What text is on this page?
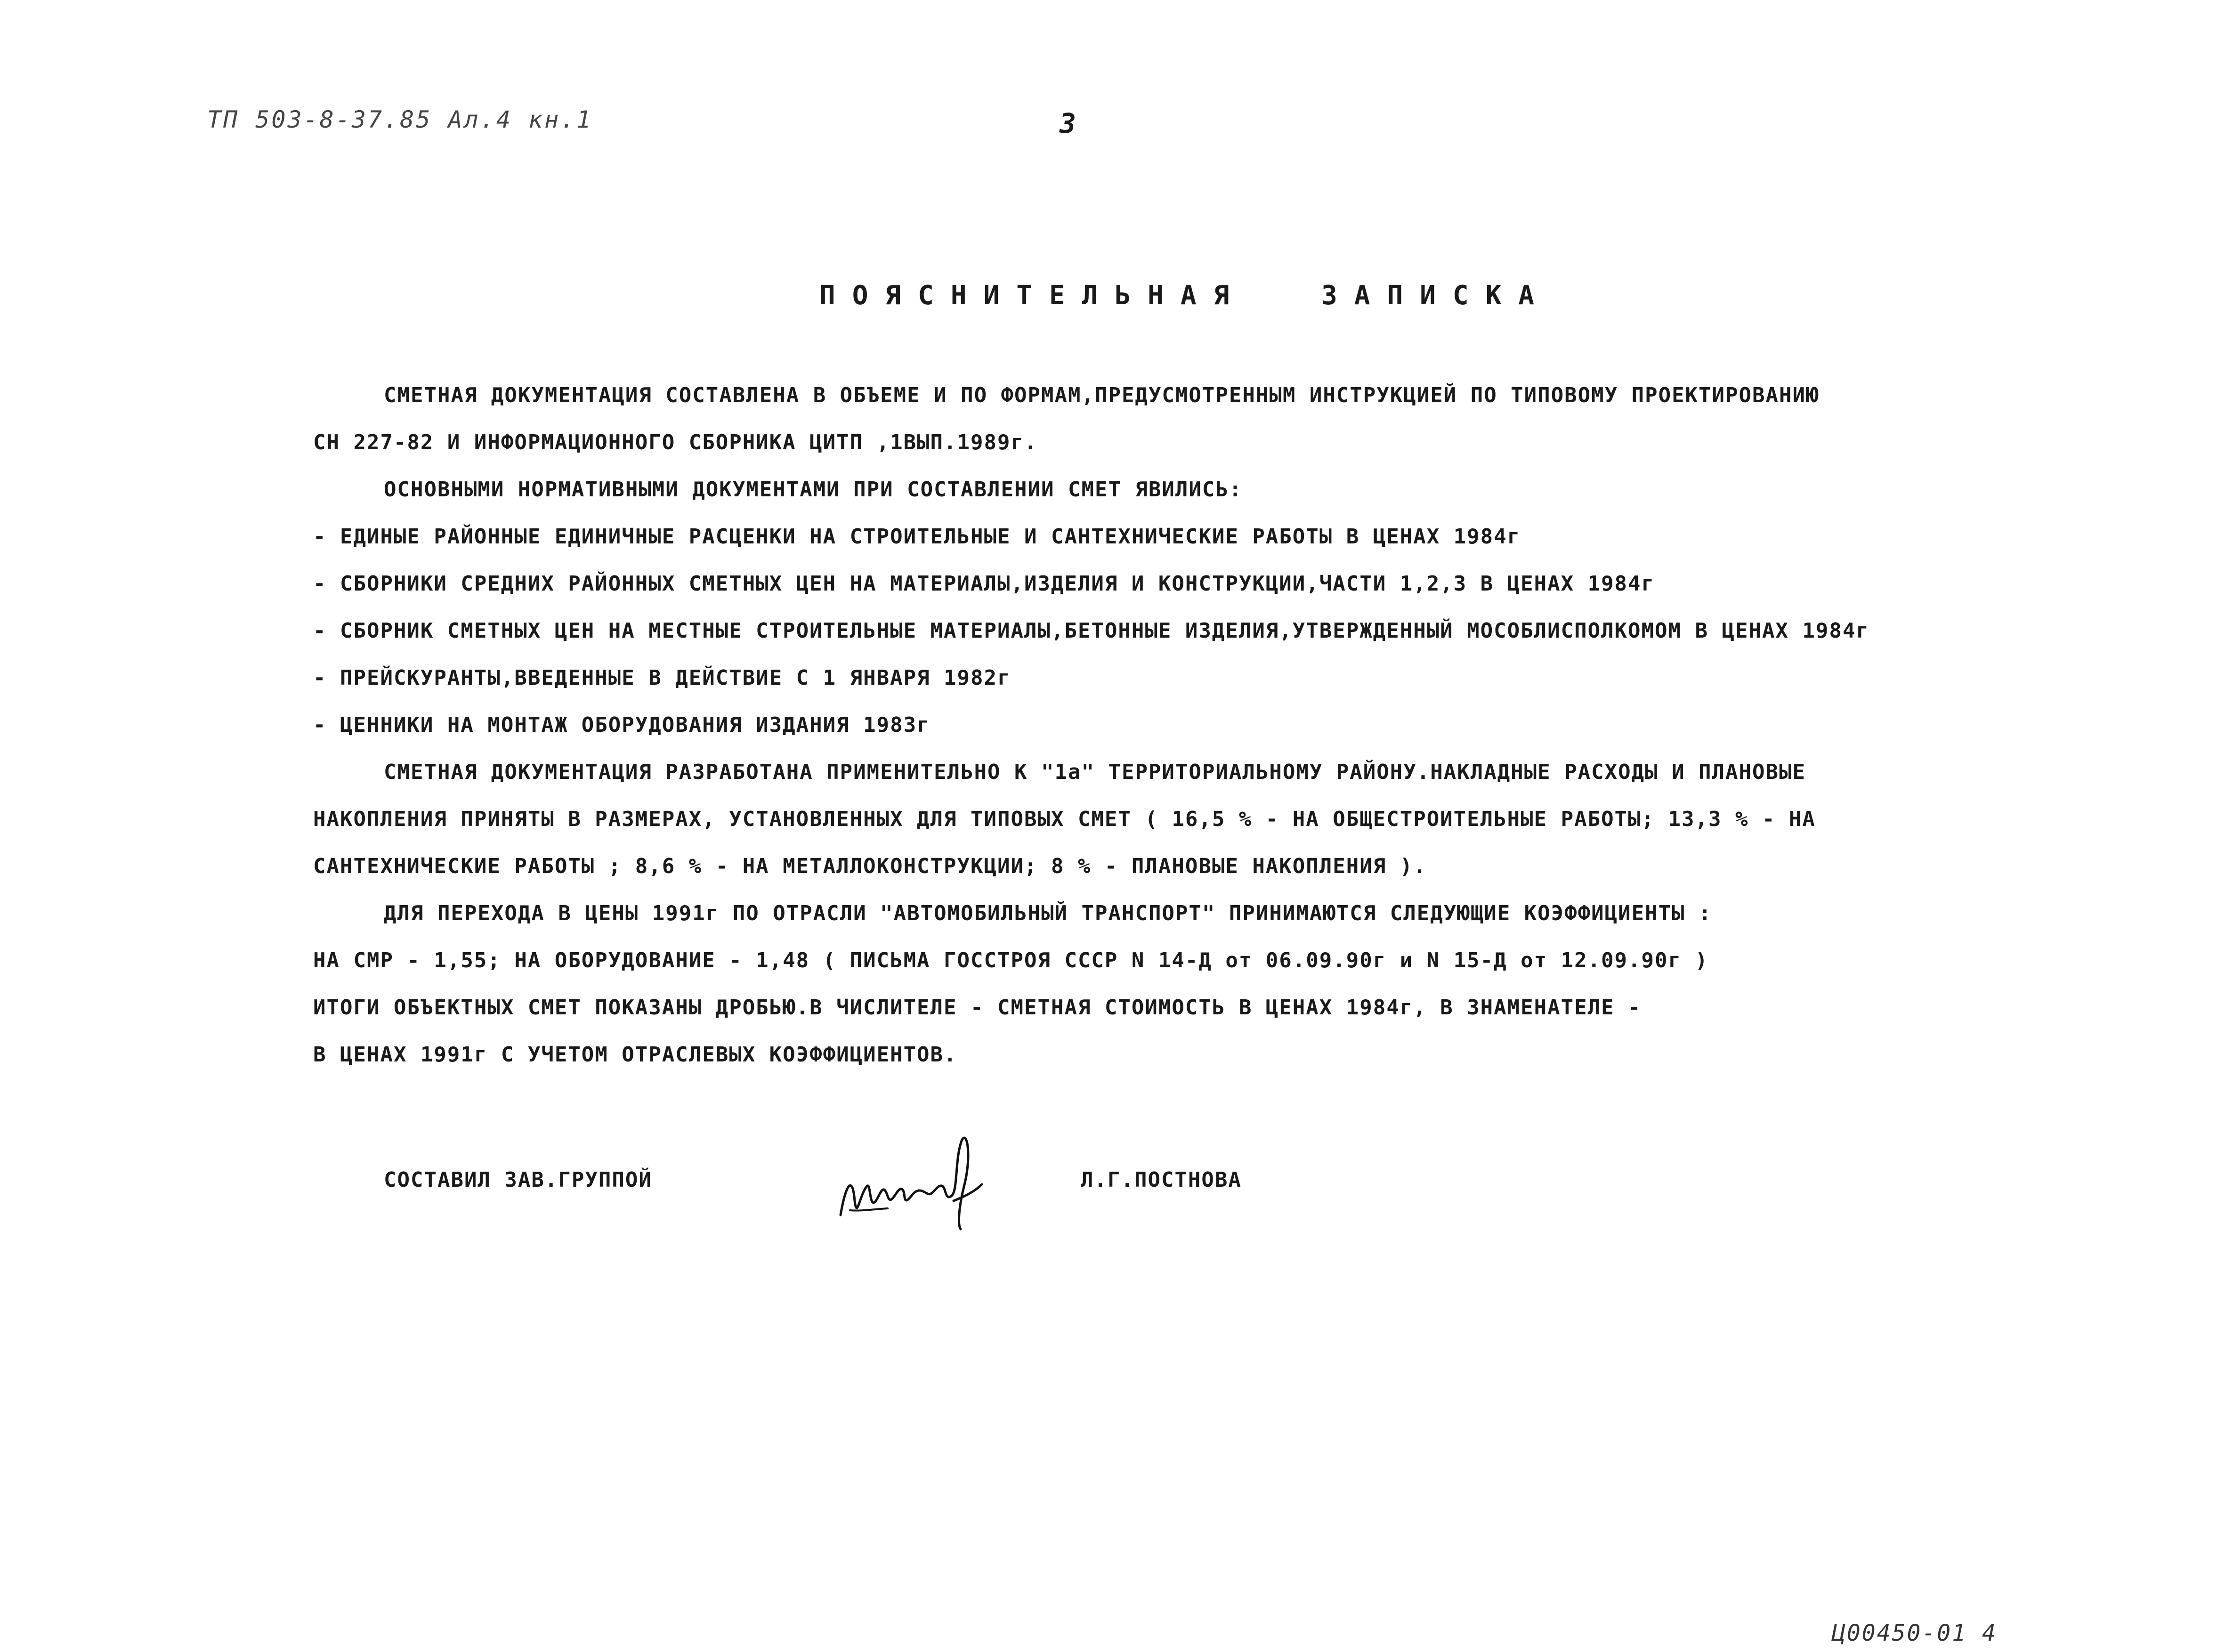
ТП 503-8-37.85 Ал.4 кн.1	3
ПОЯСНИТЕЛЬНАЯ ЗАПИСКА
СМЕТНАЯ ДОКУМЕНТАЦИЯ СОСТАВЛЕНА В ОБЪЕМЕ И ПО ФОРМАМ,ПРЕДУСМОТРЕННЫМ ИНСТРУКЦИЕЙ ПО ТИПОВОМУ ПРОЕКТИРОВАНИЮ
СН 227-82 И ИНФОРМАЦИОННОГО СБОРНИКА ЦИТП ,1ВЫП.1989г.
ОСНОВНЫМИ НОРМАТИВНЫМИ ДОКУМЕНТАМИ ПРИ СОСТАВЛЕНИИ СМЕТ ЯВИЛИСЬ:
- ЕДИНЫЕ РАЙОННЫЕ ЕДИНИЧНЫЕ РАСЦЕНКИ НА СТРОИТЕЛЬНЫЕ И САНТЕХНИЧЕСКИЕ РАБОТЫ В ЦЕНАХ 1984г
- СБОРНИКИ СРЕДНИХ РАЙОННЫХ СМЕТНЫХ ЦЕН НА МАТЕРИАЛЫ,ИЗДЕЛИЯ И КОНСТРУКЦИИ,ЧАСТИ 1,2,3 В ЦЕНАХ 1984г
- СБОРНИК СМЕТНЫХ ЦЕН НА МЕСТНЫЕ СТРОИТЕЛЬНЫЕ МАТЕРИАЛЫ,БЕТОННЫЕ ИЗДЕЛИЯ,УТВЕРЖДЕННЫЙ МОСОБЛИСПОЛКОМОМ В ЦЕНАХ 1984г
- ПРЕЙСКУРАНТЫ,ВВЕДЕННЫЕ В ДЕЙСТВИЕ С 1 ЯНВАРЯ 1982г
- ЦЕННИКИ НА МОНТАЖ ОБОРУДОВАНИЯ ИЗДАНИЯ 1983г
СМЕТНАЯ ДОКУМЕНТАЦИЯ РАЗРАБОТАНА ПРИМЕНИТЕЛЬНО К "1а" ТЕРРИТОРИАЛЬНОМУ РАЙОНУ.НАКЛАДНЫЕ РАСХОДЫ И ПЛАНОВЫЕ
НАКОПЛЕНИЯ ПРИНЯТЫ В РАЗМЕРАХ, УСТАНОВЛЕННЫХ ДЛЯ ТИПОВЫХ СМЕТ ( 16,5 % - НА ОБЩЕСТРОИТЕЛЬНЫЕ РАБОТЫ; 13,3 % - НА
САНТЕХНИЧЕСКИЕ РАБОТЫ ; 8,6 % - НА МЕТАЛЛОКОНСТРУКЦИИ; 8 % - ПЛАНОВЫЕ НАКОПЛЕНИЯ ).
ДЛЯ ПЕРЕХОДА В ЦЕНЫ 1991г ПО ОТРАСЛИ "АВТОМОБИЛЬНЫЙ ТРАНСПОРТ" ПРИНИМАЮТСЯ СЛЕДУЮЩИЕ КОЭФФИЦИЕНТЫ :
НА СМР - 1,55; НА ОБОРУДОВАНИЕ - 1,48 ( ПИСЬМА ГОССТРОЯ СССР N 14-Д от 06.09.90г и N 15-Д от 12.09.90г )
ИТОГИ ОБЪЕКТНЫХ СМЕТ ПОКАЗАНЫ ДРОБЬЮ.В ЧИСЛИТЕЛЕ - СМЕТНАЯ СТОИМОСТЬ В ЦЕНАХ 1984г, В ЗНАМЕНАТЕЛЕ -
В ЦЕНАХ 1991г С УЧЕТОМ ОТРАСЛЕВЫХ КОЭФФИЦИЕНТОВ.
СОСТАВИЛ ЗАВ.ГРУППОЙ	Л.Г.ПОСТНОВА
Ц00450-01 4
